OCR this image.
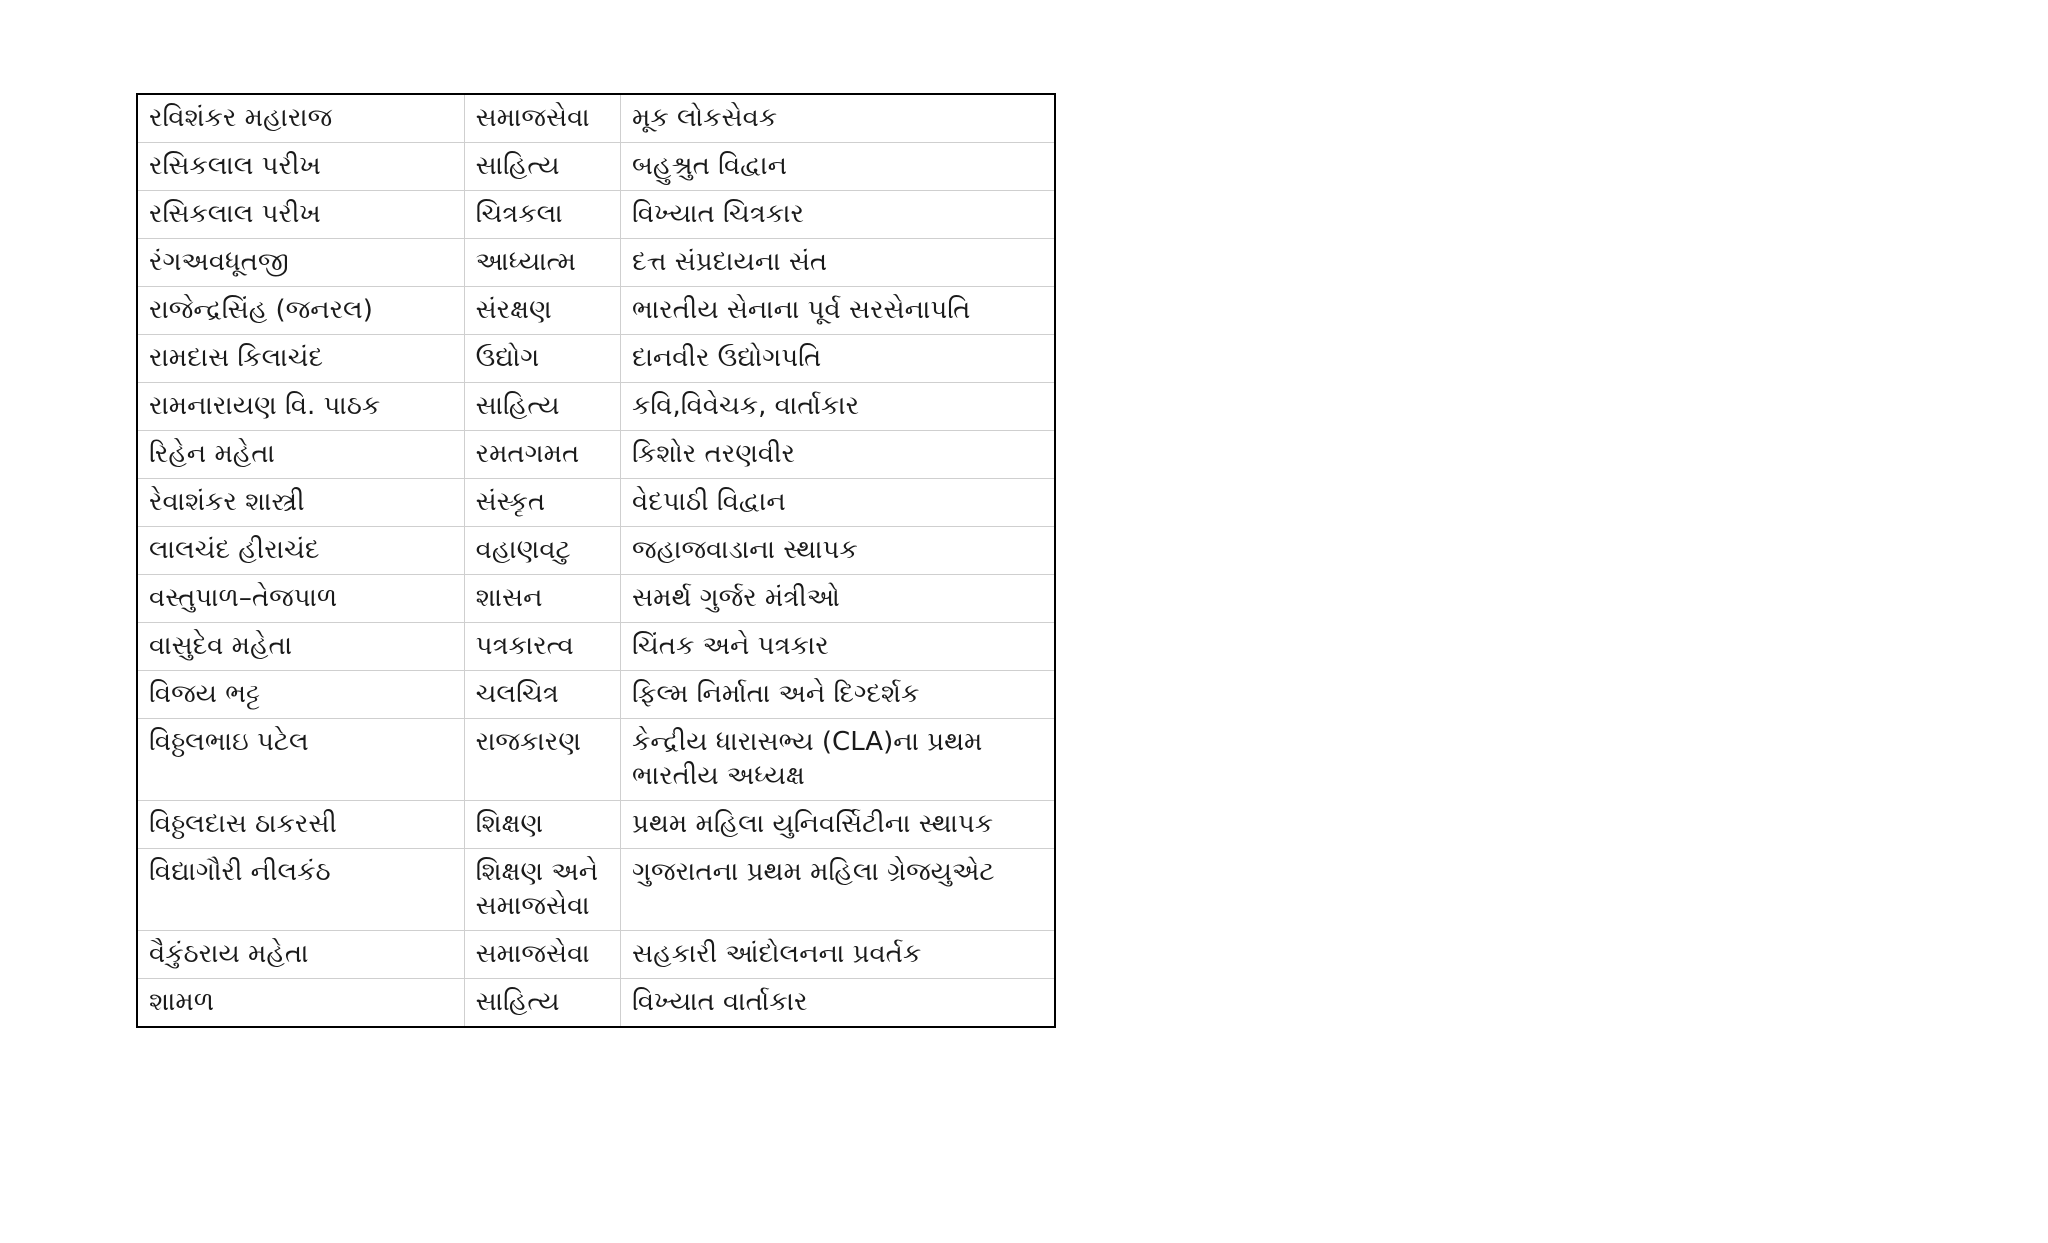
રવિશંકર મહારાજ	સમાજસેવા	મૂક લોકસેવક
રસિકલાલ પરીખ	સાહિત્ય	બહુશ્રુત વિદ્વાન
રસિકલાલ પરીખ	ચિત્રકલા	વિખ્યાત ચિત્રકાર
રંગઅવધૂતજી	આધ્યાત્મ	દત્ત સંપ્રદાયના સંત
રાજેન્દ્રસિંહ (જનરલ)	સંરક્ષણ	ભારતીય સેનાના પૂર્વ સરસેનાપતિ
રામદાસ કિલાચંદ	ઉદ્યોગ	દાનવીર ઉદ્યોગપતિ
રામનારાયણ વિ. પાઠક	સાહિત્ય	કવિ,વિવેચક, વાર્તાકાર
રિહેન મહેતા	રમતગમત	કિશોર તરણવીર
રેવાશંકર શાસ્ત્રી	સંસ્કૃત	વેદપાઠી વિદ્વાન
લાલચંદ હીરાચંદ	વહાણવટુ	જહાજવાડાના સ્થાપક
વસ્તુપાળ–તેજપાળ	શાસન	સમર્થ ગુર્જર મંત્રીઓ
વાસુદેવ મહેતા	પત્રકારત્વ	ચિંતક અને પત્રકાર
વિજય ભટ્ટ	ચલચિત્ર	ફિલ્મ નિર્માતા અને દિગ્દર્શક
વિઠ્ઠલભાઇ પટેલ	રાજકારણ	કેન્દ્રીય ધારાસભ્ય (CLA)ના પ્રથમ ભારતીય અધ્યક્ષ
વિઠ્ઠલદાસ ઠાકરસી	શિક્ષણ	પ્રથમ મહિલા યુનિવર્સિટીના સ્થાપક
વિદ્યાગૌરી નીલકંઠ	શિક્ષણ અને સમાજસેવા	ગુજરાતના પ્રથમ મહિલા ગ્રેજયુએટ
વૈકુંઠરાય મહેતા	સમાજસેવા	સહકારી આંદોલનના પ્રવર્તક
શામળ	સાહિત્ય	વિખ્યાત વાર્તાકાર
